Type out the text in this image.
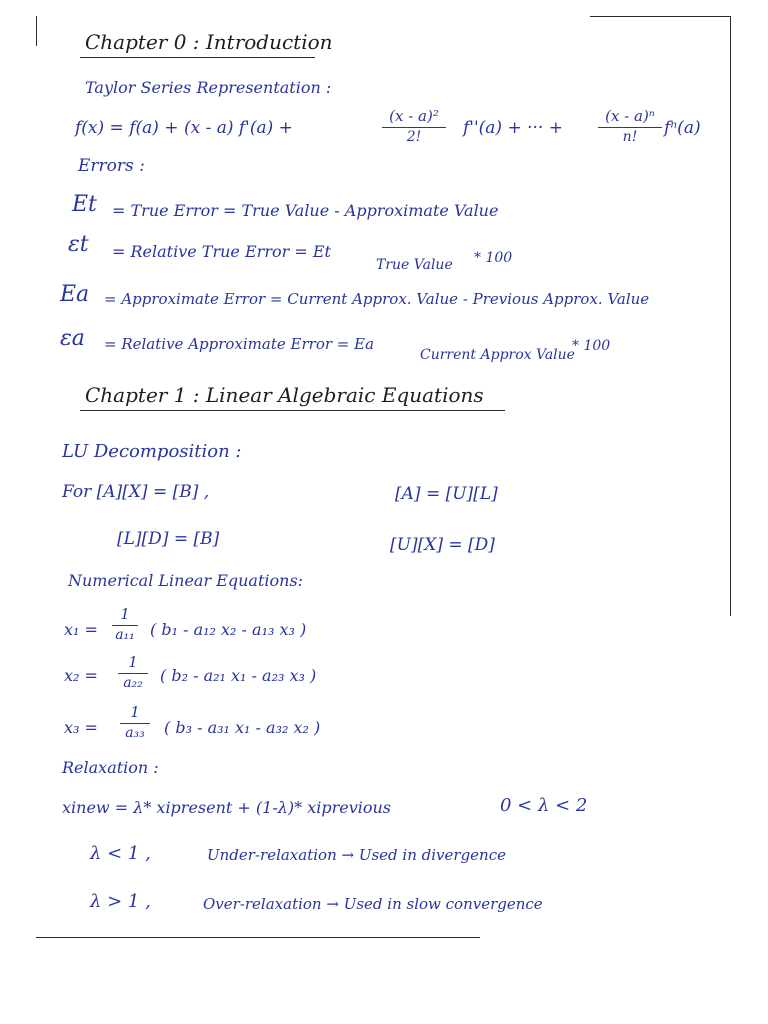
Chapter 0 : Introduction
Taylor Series Representation :
f(x) = f(a) + (x - a) f'(a) +
(x - a)²
2!	f''(a) + ··· +
(x - a)ⁿ
n!	fⁿ(a)
Errors :
Et = True Error = True Value - Approximate Value
εt = Relative True Error = Et
True Value * 100
Ea = Approximate Error = Current Approx. Value - Previous Approx. Value
εa = Relative Approximate Error = Ea
Current Approx Value
* 100
Chapter 1 : Linear Algebraic Equations
LU Decomposition :
For [A][X] = [B] ,	[A] = [U][L]
[L][D] = [B]	[U][X] = [D]
Numerical Linear Equations:
x₁ =
1
a₁₁ ( b₁ - a₁₂ x₂ - a₁₃ x₃ )
x₂ =
1
a₂₂	( b₂ - a₂₁ x₁ - a₂₃ x₃ )
x₃ =
1
a₃₃	( b₃ - a₃₁ x₁ - a₃₂ x₂ )
Relaxation :
xinew = λ* xipresent + (1-λ)* xiprevious	0 < λ < 2
λ < 1 ,	Under-relaxation → Used in divergence
λ > 1 ,	Over-relaxation → Used in slow convergence
